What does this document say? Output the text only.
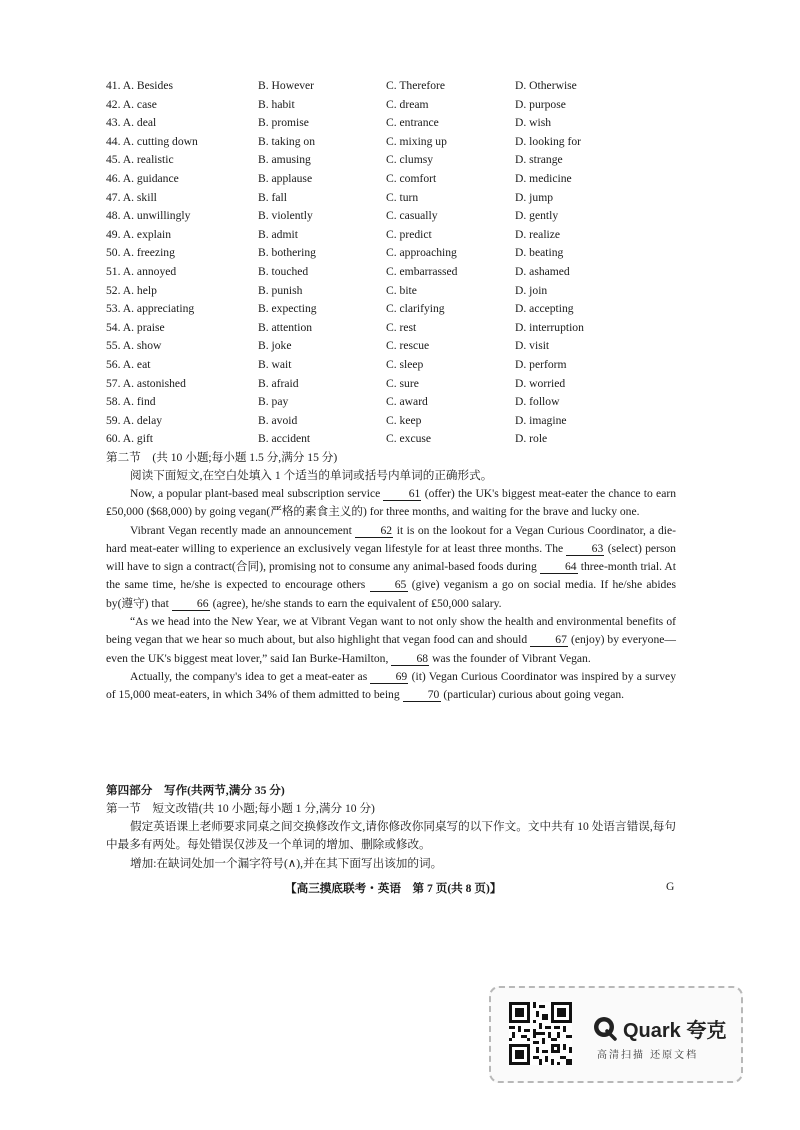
41. A. Besides	B. However	C. Therefore	D. Otherwise
42. A. case	B. habit	C. dream	D. purpose
43. A. deal	B. promise	C. entrance	D. wish
44. A. cutting down	B. taking on	C. mixing up	D. looking for
45. A. realistic	B. amusing	C. clumsy	D. strange
46. A. guidance	B. applause	C. comfort	D. medicine
47. A. skill	B. fall	C. turn	D. jump
48. A. unwillingly	B. violently	C. casually	D. gently
49. A. explain	B. admit	C. predict	D. realize
50. A. freezing	B. bothering	C. approaching	D. beating
51. A. annoyed	B. touched	C. embarrassed	D. ashamed
52. A. help	B. punish	C. bite	D. join
53. A. appreciating	B. expecting	C. clarifying	D. accepting
54. A. praise	B. attention	C. rest	D. interruption
55. A. show	B. joke	C. rescue	D. visit
56. A. eat	B. wait	C. sleep	D. perform
57. A. astonished	B. afraid	C. sure	D. worried
58. A. find	B. pay	C. award	D. follow
59. A. delay	B. avoid	C. keep	D. imagine
60. A. gift	B. accident	C. excuse	D. role
第二节　(共 10 小题;每小题 1.5 分,满分 15 分)

阅读下面短文,在空白处填入 1 个适当的单词或括号内单词的正确形式。

Now, a popular plant-based meal subscription service 61 (offer) the UK's biggest meat-eater the chance to earn ₤50,000 ($68,000) by going vegan(严格的素食主义的) for three months, and waiting for the brave and lucky one.

Vibrant Vegan recently made an announcement 62 it is on the lookout for a Vegan Curious Coordinator, a die-hard meat-eater willing to experience an exclusively vegan lifestyle for at least three months. The 63 (select) person will have to sign a contract(合同), promising not to consume any animal-based foods during 64 three-month trial. At the same time, he/she is expected to encourage others 65 (give) veganism a go on social media. If he/she abides by(遵守) that 66 (agree), he/she stands to earn the equivalent of ₤50,000 salary.

“As we head into the New Year, we at Vibrant Vegan want to not only show the health and environmental benefits of being vegan that we hear so much about, but also highlight that vegan food can and should 67 (enjoy) by everyone—even the UK's biggest meat lover,” said Ian Burke-Hamilton, 68 was the founder of Vibrant Vegan.

Actually, the company's idea to get a meat-eater as 69 (it) Vegan Curious Coordinator was inspired by a survey of 15,000 meat-eaters, in which 34% of them admitted to being 70 (particular) curious about going vegan.

第四部分　写作(共两节,满分 35 分)
第一节　短文改错(共 10 小题;每小题 1 分,满分 10 分)

假定英语课上老师要求同桌之间交换修改作文,请你修改你同桌写的以下作文。文中共有 10 处语言错误,每句中最多有两处。每处错误仅涉及一个单词的增加、删除或修改。

增加:在缺词处加一个漏字符号(∧),并在其下面写出该加的词。

【高三摸底联考・英语　第 7 页(共 8 页)】	G
Quark 夸克
高清扫描 还原文档
